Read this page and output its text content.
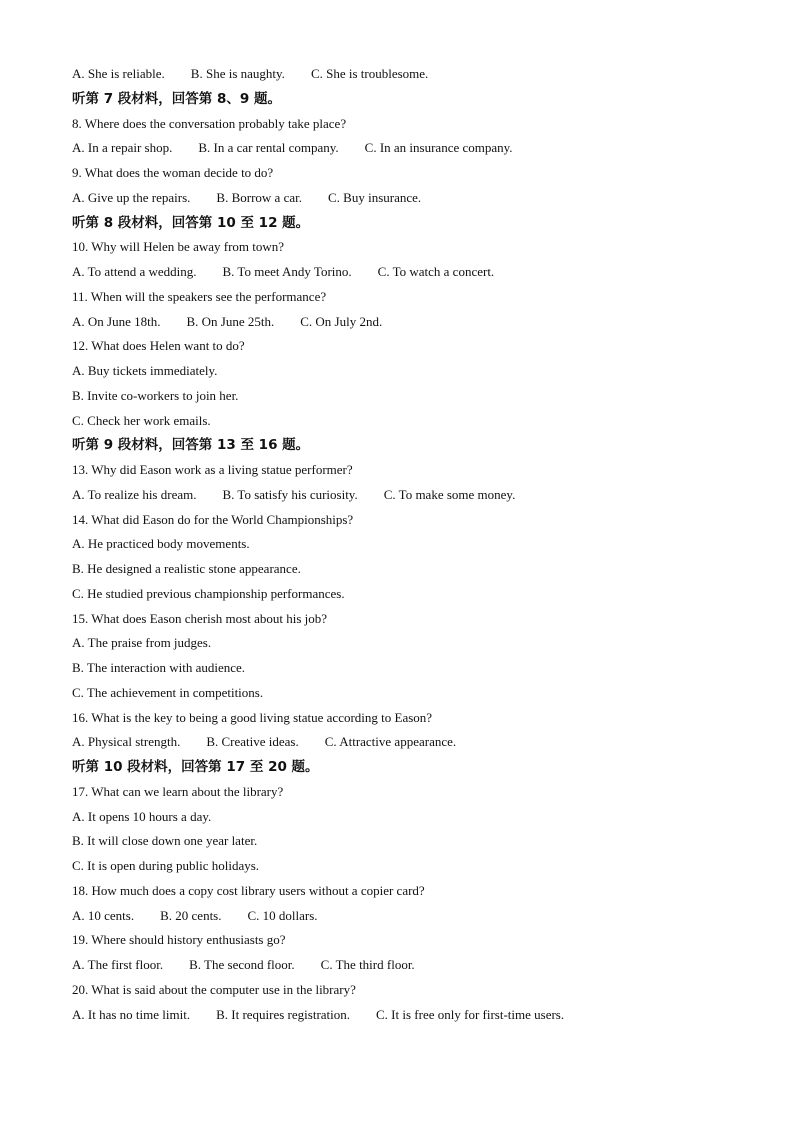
A. She is reliable. B. She is naughty. C. She is troublesome.
听第 7 段材料，回答第 8、9 题。
8. Where does the conversation probably take place?
A. In a repair shop. B. In a car rental company. C. In an insurance company.
9. What does the woman decide to do?
A. Give up the repairs. B. Borrow a car. C. Buy insurance.
听第 8 段材料，回答第 10 至 12 题。
10. Why will Helen be away from town?
A. To attend a wedding. B. To meet Andy Torino. C. To watch a concert.
11. When will the speakers see the performance?
A. On June 18th. B. On June 25th. C. On July 2nd.
12. What does Helen want to do?
A. Buy tickets immediately.
B. Invite co-workers to join her.
C. Check her work emails.
听第 9 段材料，回答第 13 至 16 题。
13. Why did Eason work as a living statue performer?
A. To realize his dream. B. To satisfy his curiosity. C. To make some money.
14. What did Eason do for the World Championships?
A. He practiced body movements.
B. He designed a realistic stone appearance.
C. He studied previous championship performances.
15. What does Eason cherish most about his job?
A. The praise from judges.
B. The interaction with audience.
C. The achievement in competitions.
16. What is the key to being a good living statue according to Eason?
A. Physical strength. B. Creative ideas. C. Attractive appearance.
听第 10 段材料，回答第 17 至 20 题。
17. What can we learn about the library?
A. It opens 10 hours a day.
B. It will close down one year later.
C. It is open during public holidays.
18. How much does a copy cost library users without a copier card?
A. 10 cents. B. 20 cents. C. 10 dollars.
19. Where should history enthusiasts go?
A. The first floor. B. The second floor. C. The third floor.
20. What is said about the computer use in the library?
A. It has no time limit. B. It requires registration. C. It is free only for first-time users.
